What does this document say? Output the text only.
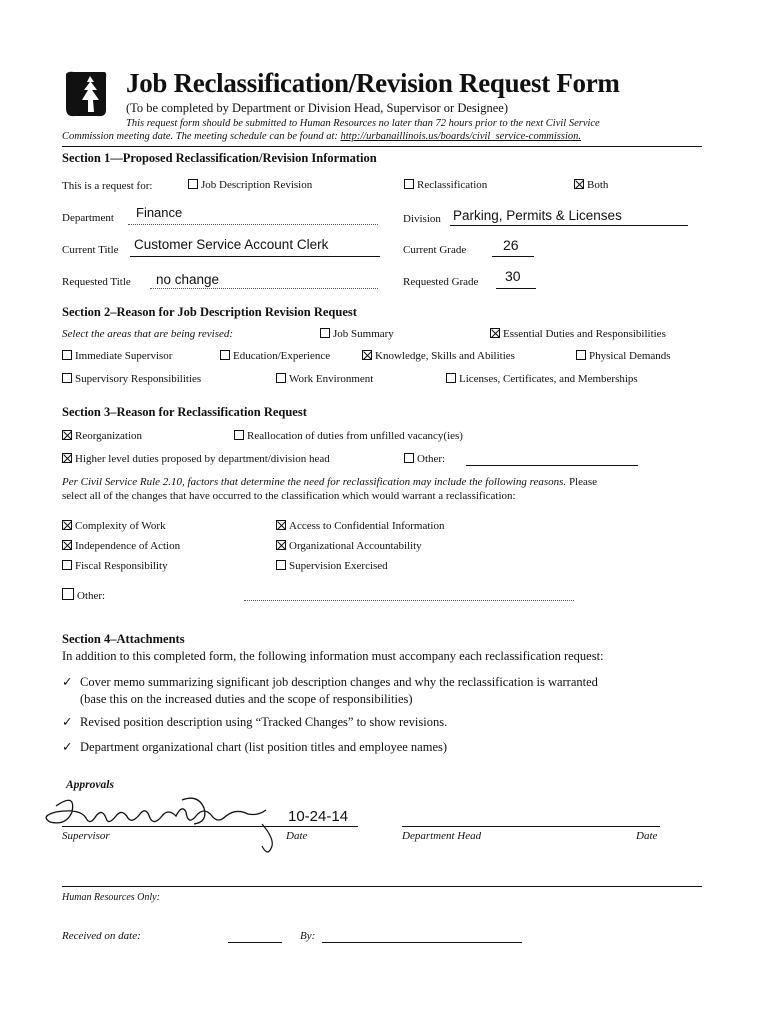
Job Reclassification/Revision Request Form
(To be completed by Department or Division Head, Supervisor or Designee)
This request form should be submitted to Human Resources no later than 72 hours prior to the next Civil Service
Commission meeting date. The meeting schedule can be found at: http://urbanaillinois.us/boards/civil_service-commission.
Section 1—Proposed Reclassification/Revision Information
This is a request for:	Job Description Revision	Reclassification	Both
Department Finance	Division Parking, Permits & Licenses
Current Title Customer Service Account Clerk	Current Grade	26
Requested Title no change	Requested Grade 30
Section 2–Reason for Job Description Revision Request
Select the areas that are being revised:	Job Summary	Essential Duties and Responsibilities
Immediate Supervisor	Education/Experience	Knowledge, Skills and Abilities	Physical Demands
Supervisory Responsibilities	Work Environment	Licenses, Certificates, and Memberships
Section 3–Reason for Reclassification Request
Reorganization	Reallocation of duties from unfilled vacancy(ies)
Higher level duties proposed by department/division head	Other:
Per Civil Service Rule 2.10, factors that determine the need for reclassification may include the following reasons. Please
select all of the changes that have occurred to the classification which would warrant a reclassification:
Complexity of Work	Access to Confidential Information
Independence of Action	Organizational Accountability
Fiscal Responsibility	Supervision Exercised
Other:
Section 4–Attachments
In addition to this completed form, the following information must accompany each reclassification request:
✓ Cover memo summarizing significant job description changes and why the reclassification is warranted
(base this on the increased duties and the scope of responsibilities)
✓ Revised position description using “Tracked Changes” to show revisions.
✓ Department organizational chart (list position titles and employee names)
Approvals
10-24-14
Supervisor	Date	Department Head	Date
Human Resources Only:
Received on date:	By:
